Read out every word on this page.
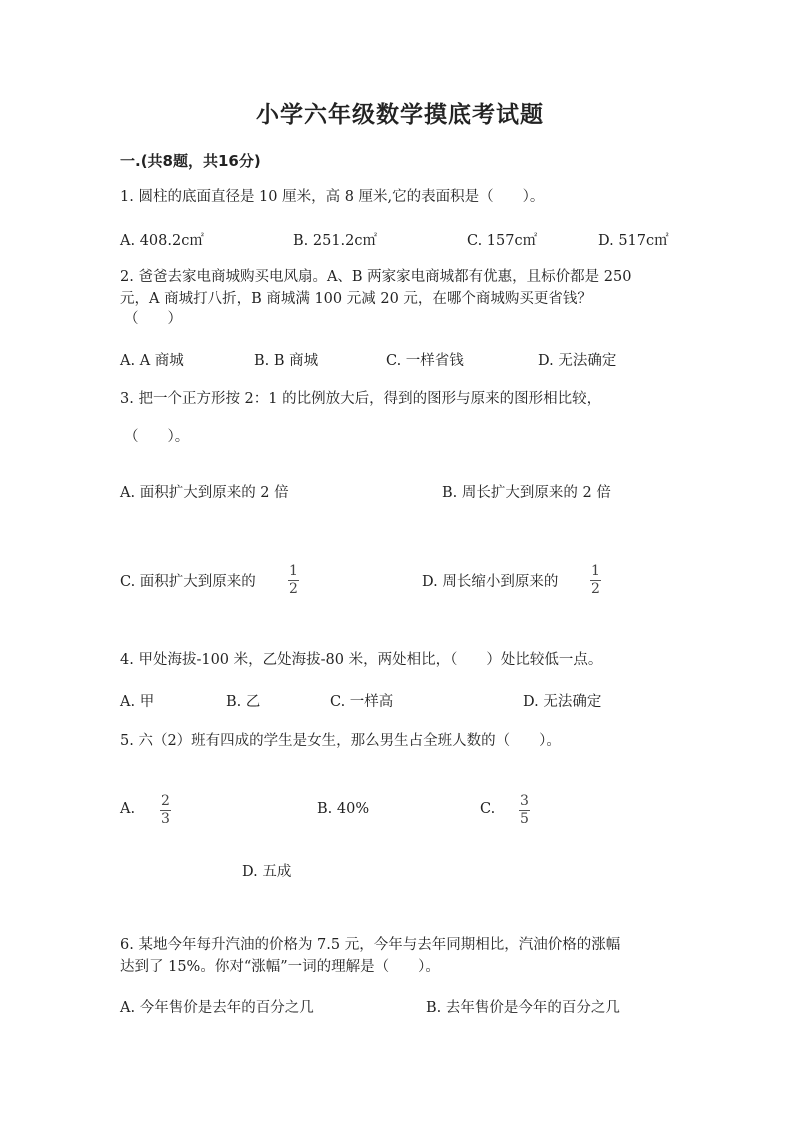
小学六年级数学摸底考试题
一.(共8题，共16分)
1. 圆柱的底面直径是 10 厘米，高 8 厘米,它的表面积是（　　）。
A. 408.2c㎡	B. 251.2c㎡	C. 157c㎡	D. 517c㎡
2. 爸爸去家电商城购买电风扇。A、B 两家家电商城都有优惠，且标价都是 250
元，A 商城打八折，B 商城满 100 元减 20 元，在哪个商城购买更省钱？
（　　）
A. A 商城	B. B 商城	C. 一样省钱	D. 无法确定
3. 把一个正方形按 2：1 的比例放大后，得到的图形与原来的图形相比较，
（　　）。
A. 面积扩大到原来的 2 倍	B. 周长扩大到原来的 2 倍
C. 面积扩大到原来的
1
2	D. 周长缩小到原来的
1
2
4. 甲处海拔-100 米，乙处海拔-80 米，两处相比，（　　）处比较低一点。
A. 甲	B. 乙	C. 一样高	D. 无法确定
5. 六（2）班有四成的学生是女生，那么男生占全班人数的（　　）。
A. 2
3
B. 40%	C. 3
5
D. 五成
6. 某地今年每升汽油的价格为 7.5 元，今年与去年同期相比，汽油价格的涨幅
达到了 15%。你对“涨幅”一词的理解是（　　）。
A. 今年售价是去年的百分之几	B. 去年售价是今年的百分之几
